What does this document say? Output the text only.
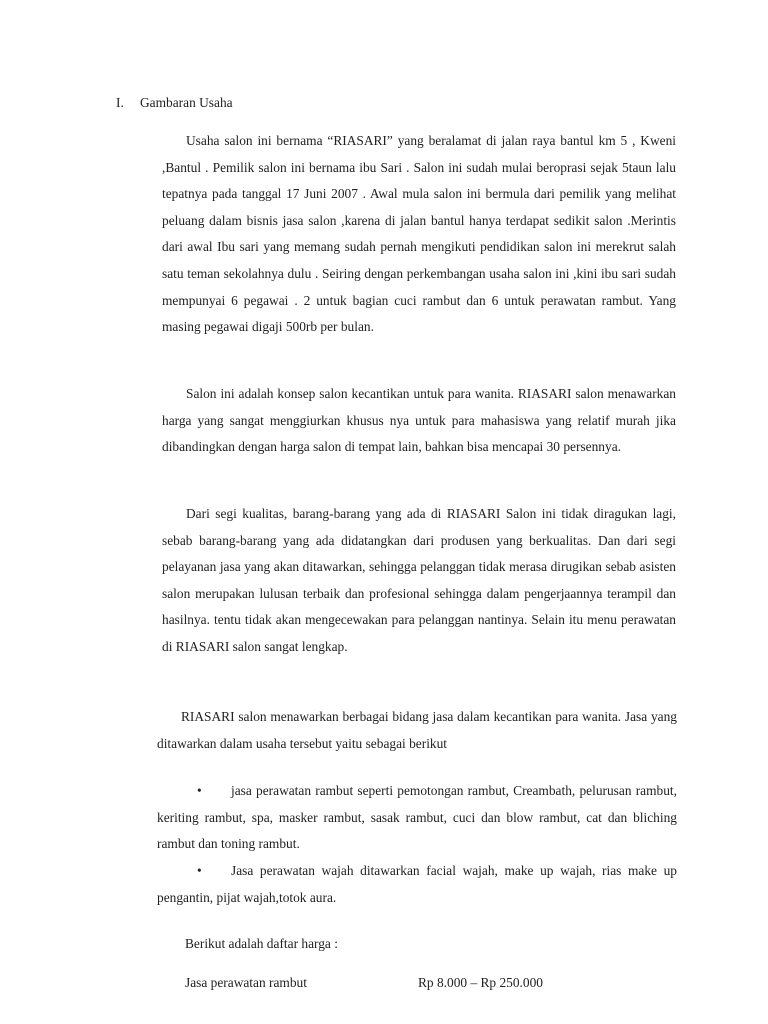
I. Gambaran Usaha

Usaha salon ini bernama “RIASARI” yang beralamat di jalan raya bantul km 5 , Kweni ,Bantul . Pemilik salon ini bernama ibu Sari . Salon ini sudah mulai beroprasi sejak 5taun lalu tepatnya pada tanggal 17 Juni 2007 . Awal mula salon ini bermula dari pemilik yang melihat peluang dalam bisnis jasa salon ,karena di jalan bantul hanya terdapat sedikit salon .Merintis dari awal Ibu sari yang memang sudah pernah mengikuti pendidikan salon ini merekrut salah satu teman sekolahnya dulu . Seiring dengan perkembangan usaha salon ini ,kini ibu sari sudah mempunyai 6 pegawai . 2 untuk bagian cuci rambut dan 6 untuk perawatan rambut. Yang masing pegawai digaji 500rb per bulan.

Salon ini adalah konsep salon kecantikan untuk para wanita. RIASARI salon menawarkan harga yang sangat menggiurkan khusus nya untuk para mahasiswa yang relatif murah jika dibandingkan dengan harga salon di tempat lain, bahkan bisa mencapai 30 persennya.

Dari segi kualitas, barang-barang yang ada di RIASARI Salon ini tidak diragukan lagi, sebab barang-barang yang ada didatangkan dari produsen yang berkualitas. Dan dari segi pelayanan jasa yang akan ditawarkan, sehingga pelanggan tidak merasa dirugikan sebab asisten salon merupakan lulusan terbaik dan profesional sehingga dalam pengerjaannya terampil dan hasilnya. tentu tidak akan mengecewakan para pelanggan nantinya. Selain itu menu perawatan di RIASARI salon sangat lengkap.

RIASARI salon menawarkan berbagai bidang jasa dalam kecantikan para wanita. Jasa yang ditawarkan dalam usaha tersebut yaitu sebagai berikut

• jasa perawatan rambut seperti pemotongan rambut, Creambath, pelurusan rambut, keriting rambut, spa, masker rambut, sasak rambut, cuci dan blow rambut, cat dan bliching rambut dan toning rambut.

• Jasa perawatan wajah ditawarkan facial wajah, make up wajah, rias make up pengantin, pijat wajah,totok aura.

Berikut adalah daftar harga :
Jasa perawatan rambut	Rp 8.000 – Rp 250.000
